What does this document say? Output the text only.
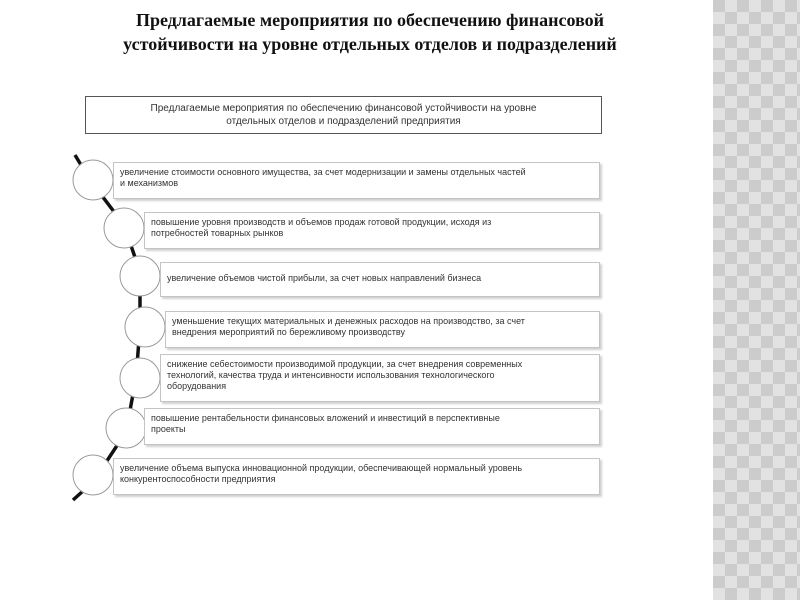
Предлагаемые мероприятия по обеспечению финансовой
устойчивости на уровне отдельных отделов и подразделений
Предлагаемые мероприятия по обеспечению финансовой устойчивости на уровне
отдельных отделов и подразделений предприятия
увеличение стоимости основного имущества, за счет модернизации и замены отдельных частей
и механизмов
повышение уровня производств и объемов продаж готовой продукции, исходя из
потребностей товарных рынков
увеличение объемов чистой прибыли, за счет новых направлений бизнеса
уменьшение текущих материальных и денежных расходов на производство, за счет
внедрения мероприятий по бережливому производству
снижение себестоимости производимой продукции, за счет внедрения современных
технологий, качества труда и интенсивности использования технологического
оборудования
повышение рентабельности финансовых вложений и инвестиций в перспективные
проекты
увеличение объема выпуска инновационной продукции, обеспечивающей нормальный уровень
конкурентоспособности предприятия
